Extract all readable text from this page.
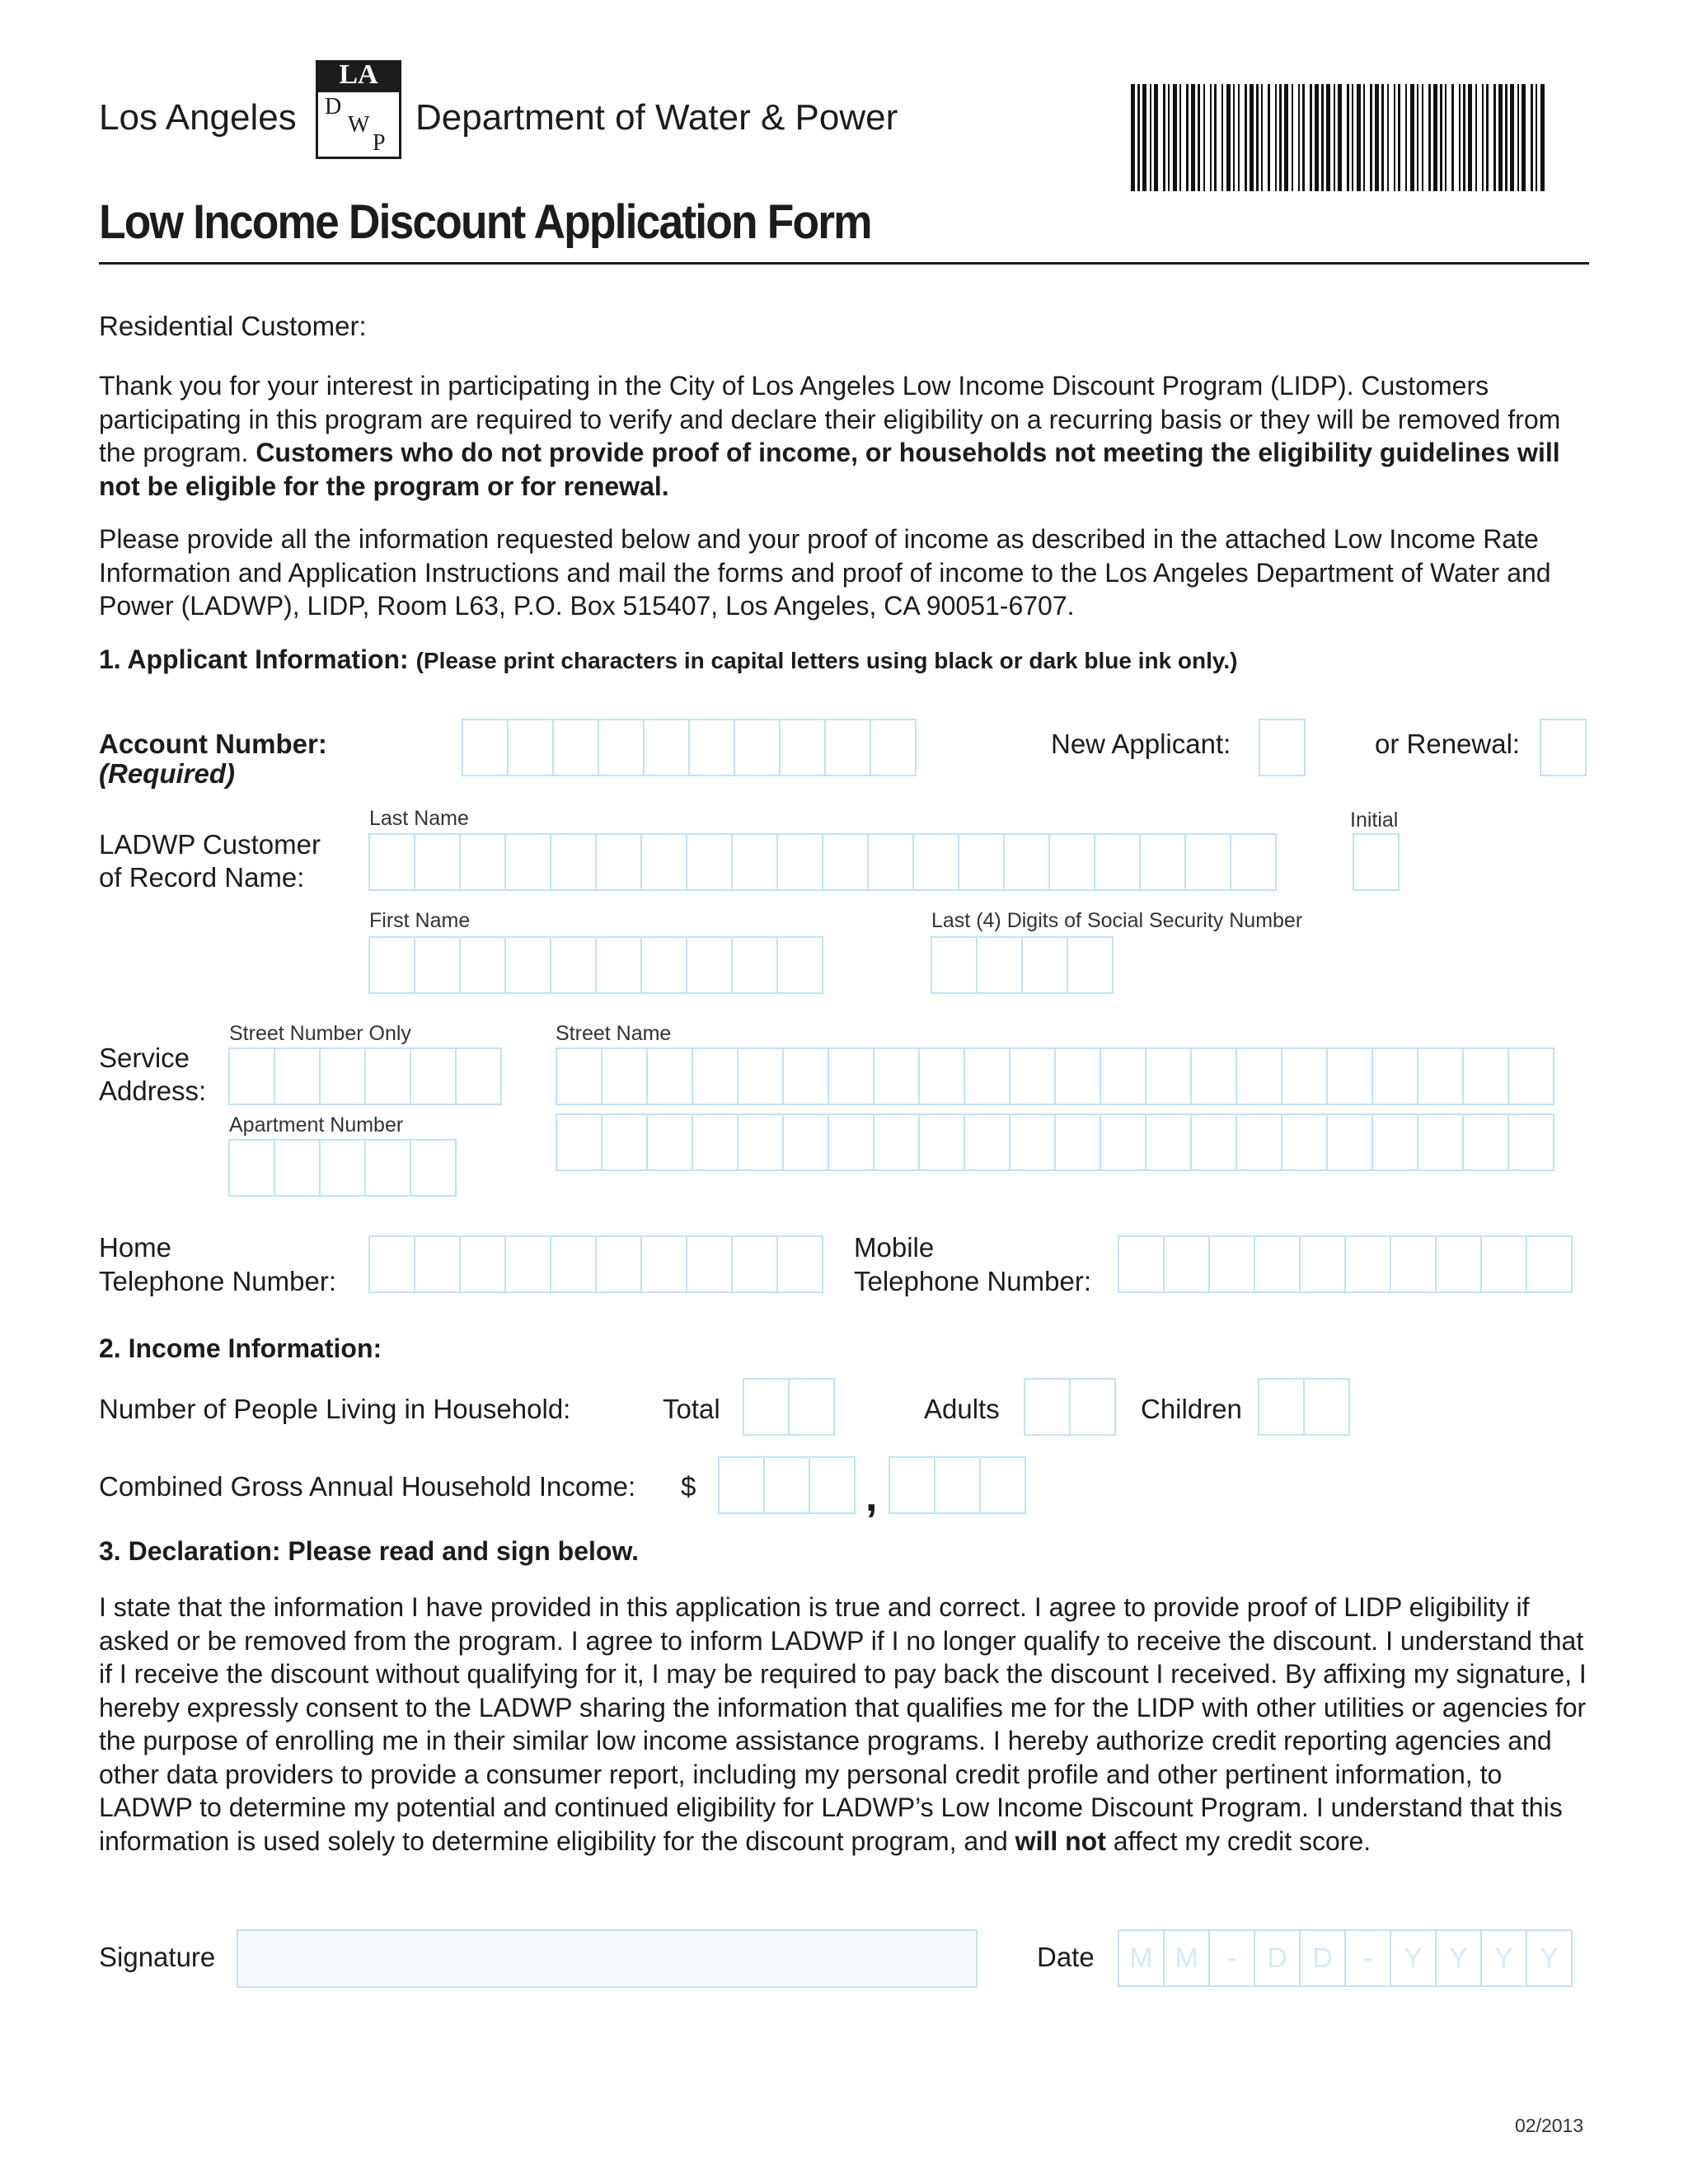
Los Angeles
LA
D
W
P
Department of Water & Power
Low Income Discount Application Form
Residential Customer:

Thank you for your interest in participating in the City of Los Angeles Low Income Discount Program (LIDP). Customers participating in this program are required to verify and declare their eligibility on a recurring basis or they will be removed from the program. Customers who do not provide proof of income, or households not meeting the eligibility guidelines will not be eligible for the program or for renewal.

Please provide all the information requested below and your proof of income as described in the attached Low Income Rate Information and Application Instructions and mail the forms and proof of income to the Los Angeles Department of Water and Power (LADWP), LIDP, Room L63, P.O. Box 515407, Los Angeles, CA 90051-6707.

1. Applicant Information: (Please print characters in capital letters using black or dark blue ink only.)
Account Number:
(Required)
New Applicant:	or Renewal:
LADWP Customer
of Record Name:
Last Name	Initial
First Name	Last (4) Digits of Social Security Number
Service
Address:
Street Number Only	Street Name
Apartment Number
Home
Telephone Number:
Mobile
Telephone Number:
2. Income Information:
Number of People Living in Household:	Total	Adults	Children
Combined Gross Annual Household Income: $	,
3. Declaration: Please read and sign below.

I state that the information I have provided in this application is true and correct. I agree to provide proof of LIDP eligibility if asked or be removed from the program. I agree to inform LADWP if I no longer qualify to receive the discount. I understand that if I receive the discount without qualifying for it, I may be required to pay back the discount I received. By affixing my signature, I hereby expressly consent to the LADWP sharing the information that qualifies me for the LIDP with other utilities or agencies for the purpose of enrolling me in their similar low income assistance programs. I hereby authorize credit reporting agencies and other data providers to provide a consumer report, including my personal credit profile and other pertinent information, to LADWP to determine my potential and continued eligibility for LADWP’s Low Income Discount Program. I understand that this information is used solely to determine eligibility for the discount program, and will not affect my credit score.

Signature	Date	M M	-	D D	-	Y Y Y Y
02/2013
